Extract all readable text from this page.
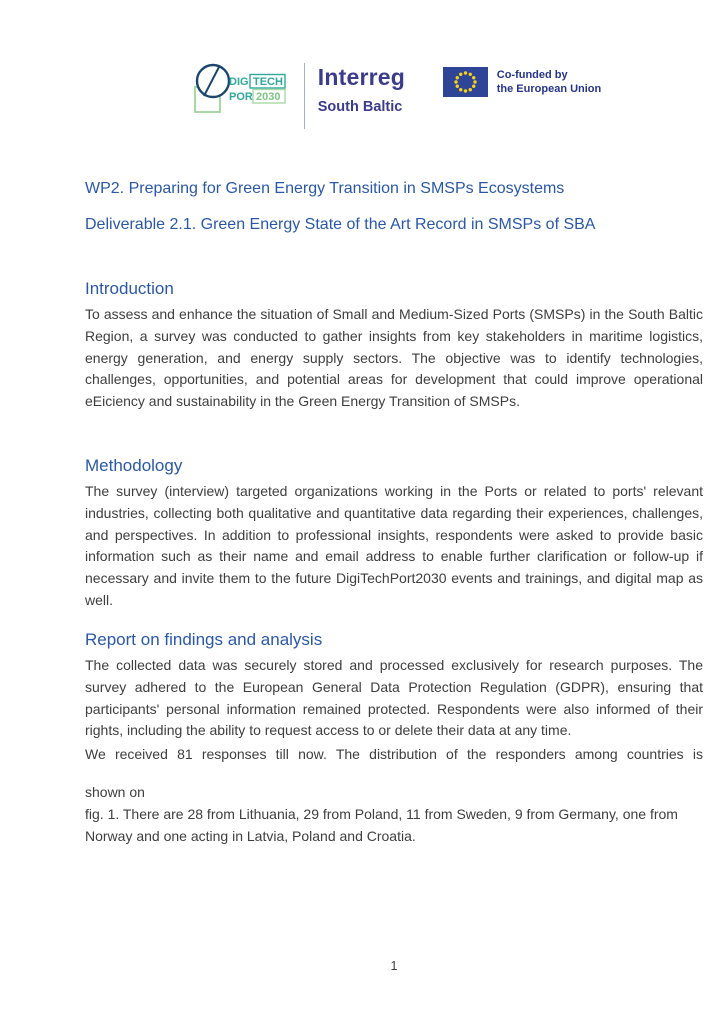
DIG TECH
POR 2030
Interreg
South Baltic
Co-funded by
the European Union
WP2. Preparing for Green Energy Transition in SMSPs Ecosystems
Deliverable 2.1. Green Energy State of the Art Record in SMSPs of SBA
Introduction

To assess and enhance the situation of Small and Medium-Sized Ports (SMSPs) in the South Baltic Region, a survey was conducted to gather insights from key stakeholders in maritime logistics, energy generation, and energy supply sectors. The objective was to identify technologies, challenges, opportunities, and potential areas for development that could improve operational eEiciency and sustainability in the Green Energy Transition of SMSPs.

Methodology

The survey (interview) targeted organizations working in the Ports or related to ports' relevant industries, collecting both qualitative and quantitative data regarding their experiences, challenges, and perspectives. In addition to professional insights, respondents were asked to provide basic information such as their name and email address to enable further clarification or follow-up if necessary and invite them to the future DigiTechPort2030 events and trainings, and digital map as well.

Report on findings and analysis

The collected data was securely stored and processed exclusively for research purposes. The survey adhered to the European General Data Protection Regulation (GDPR), ensuring that participants' personal information remained protected. Respondents were also informed of their rights, including the ability to request access to or delete their data at any time.

We received 81 responses till now. The distribution of the responders among countries is

shown on

fig. 1. There are 28 from Lithuania, 29 from Poland, 11 from Sweden, 9 from Germany, one from Norway and one acting in Latvia, Poland and Croatia.

1
